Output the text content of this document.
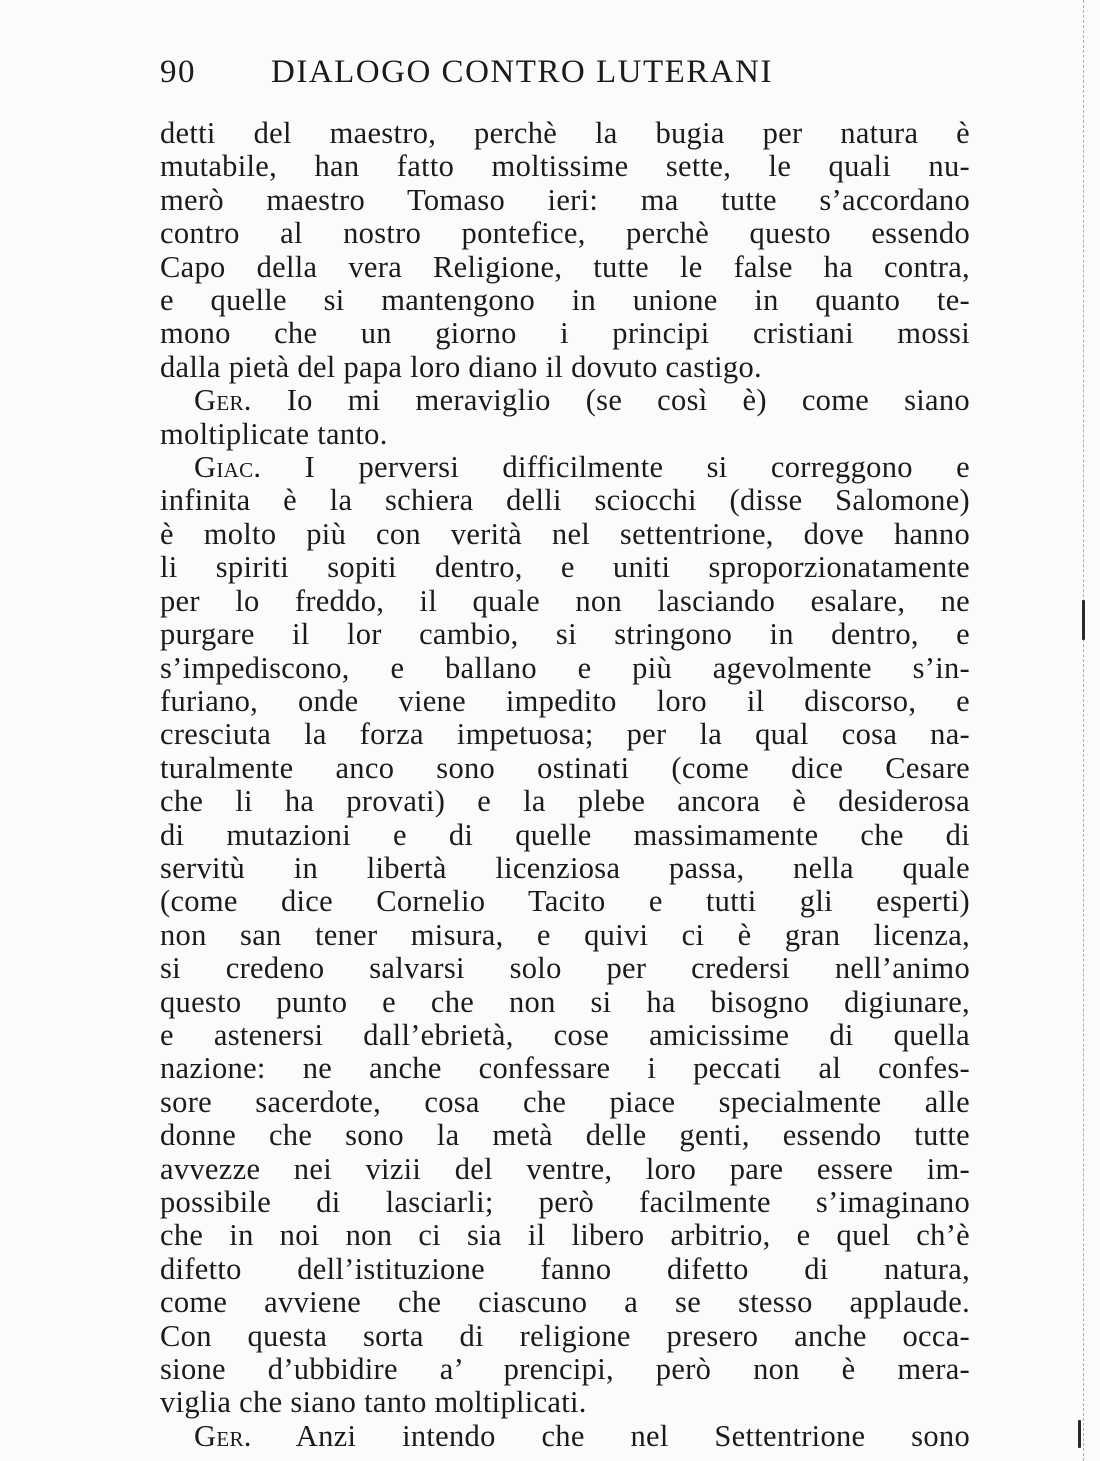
90 DIALOGO CONTRO LUTERANI
detti del maestro, perchè la bugia per natura è
mutabile, han fatto moltissime sette, le quali nu-
merò maestro Tomaso ieri: ma tutte s’accordano
contro al nostro pontefice, perchè questo essendo
Capo della vera Religione, tutte le false ha contra,
e quelle si mantengono in unione in quanto te-
mono che un giorno i principi cristiani mossi
dalla pietà del papa loro diano il dovuto castigo.
Ger. Io mi meraviglio (se così è) come siano
moltiplicate tanto.
Giac. I perversi difficilmente si correggono e
infinita è la schiera delli sciocchi (disse Salomone)
è molto più con verità nel settentrione, dove hanno
li spiriti sopiti dentro, e uniti sproporzionatamente
per lo freddo, il quale non lasciando esalare, ne
purgare il lor cambio, si stringono in dentro, e
s’impediscono, e ballano e più agevolmente s’in-
furiano, onde viene impedito loro il discorso, e
cresciuta la forza impetuosa; per la qual cosa na-
turalmente anco sono ostinati (come dice Cesare
che li ha provati) e la plebe ancora è desiderosa
di mutazioni e di quelle massimamente che di
servitù in libertà licenziosa passa, nella quale
(come dice Cornelio Tacito e tutti gli esperti)
non san tener misura, e quivi ci è gran licenza,
si credeno salvarsi solo per credersi nell’animo
questo punto e che non si ha bisogno digiunare,
e astenersi dall’ebrietà, cose amicissime di quella
nazione: ne anche confessare i peccati al confes-
sore sacerdote, cosa che piace specialmente alle
donne che sono la metà delle genti, essendo tutte
avvezze nei vizii del ventre, loro pare essere im-
possibile di lasciarli; però facilmente s’imaginano
che in noi non ci sia il libero arbitrio, e quel ch’è
difetto dell’istituzione fanno difetto di natura,
come avviene che ciascuno a se stesso applaude.
Con questa sorta di religione presero anche occa-
sione d’ubbidire a’ prencipi, però non è mera-
viglia che siano tanto moltiplicati.
Ger. Anzi intendo che nel Settentrione sono
